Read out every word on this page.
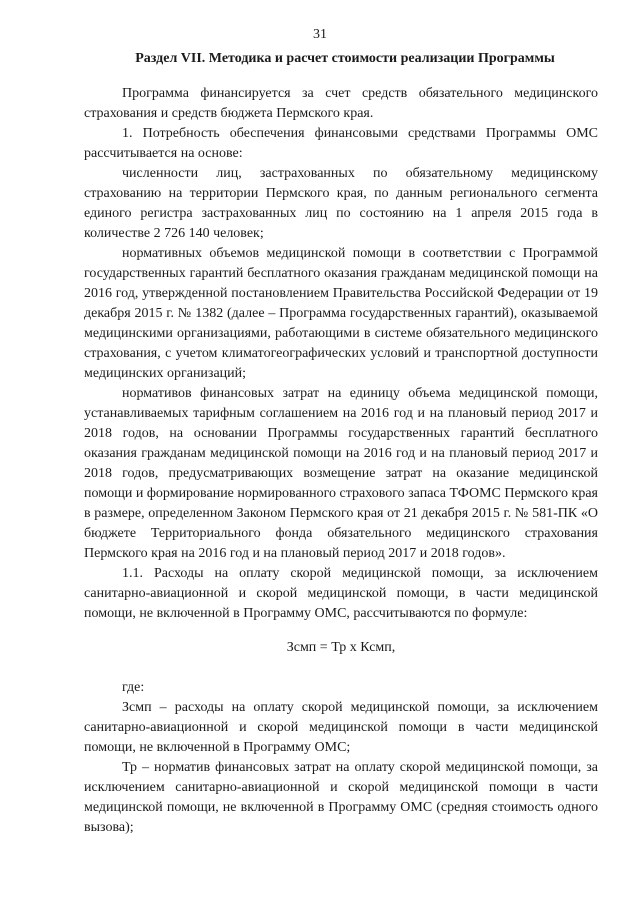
31
Раздел VII. Методика и расчет стоимости реализации Программы

Программа финансируется за счет средств обязательного медицинского страхования и средств бюджета Пермского края.

1. Потребность обеспечения финансовыми средствами Программы ОМС рассчитывается на основе:

численности лиц, застрахованных по обязательному медицинскому страхованию на территории Пермского края, по данным регионального сегмента единого регистра застрахованных лиц по состоянию на 1 апреля 2015 года в количестве 2 726 140 человек;

нормативных объемов медицинской помощи в соответствии с Программой государственных гарантий бесплатного оказания гражданам медицинской помощи на 2016 год, утвержденной постановлением Правительства Российской Федерации от 19 декабря 2015 г. № 1382 (далее – Программа государственных гарантий), оказываемой медицинскими организациями, работающими в системе обязательного медицинского страхования, с учетом климатогеографических условий и транспортной доступности медицинских организаций;

нормативов финансовых затрат на единицу объема медицинской помощи, устанавливаемых тарифным соглашением на 2016 год и на плановый период 2017 и 2018 годов, на основании Программы государственных гарантий бесплатного оказания гражданам медицинской помощи на 2016 год и на плановый период 2017 и 2018 годов, предусматривающих возмещение затрат на оказание медицинской помощи и формирование нормированного страхового запаса ТФОМС Пермского края в размере, определенном Законом Пермского края от 21 декабря 2015 г. № 581-ПК «О бюджете Территориального фонда обязательного медицинского страхования Пермского края на 2016 год и на плановый период 2017 и 2018 годов».

1.1. Расходы на оплату скорой медицинской помощи, за исключением санитарно-авиационной и скорой медицинской помощи, в части медицинской помощи, не включенной в Программу ОМС, рассчитываются по формуле:

Зсмп = Тр х Ксмп,

где:

Зсмп – расходы на оплату скорой медицинской помощи, за исключением санитарно-авиационной и скорой медицинской помощи в части медицинской помощи, не включенной в Программу ОМС;

Тр – норматив финансовых затрат на оплату скорой медицинской помощи, за исключением санитарно-авиационной и скорой медицинской помощи в части медицинской помощи, не включенной в Программу ОМС (средняя стоимость одного вызова);
